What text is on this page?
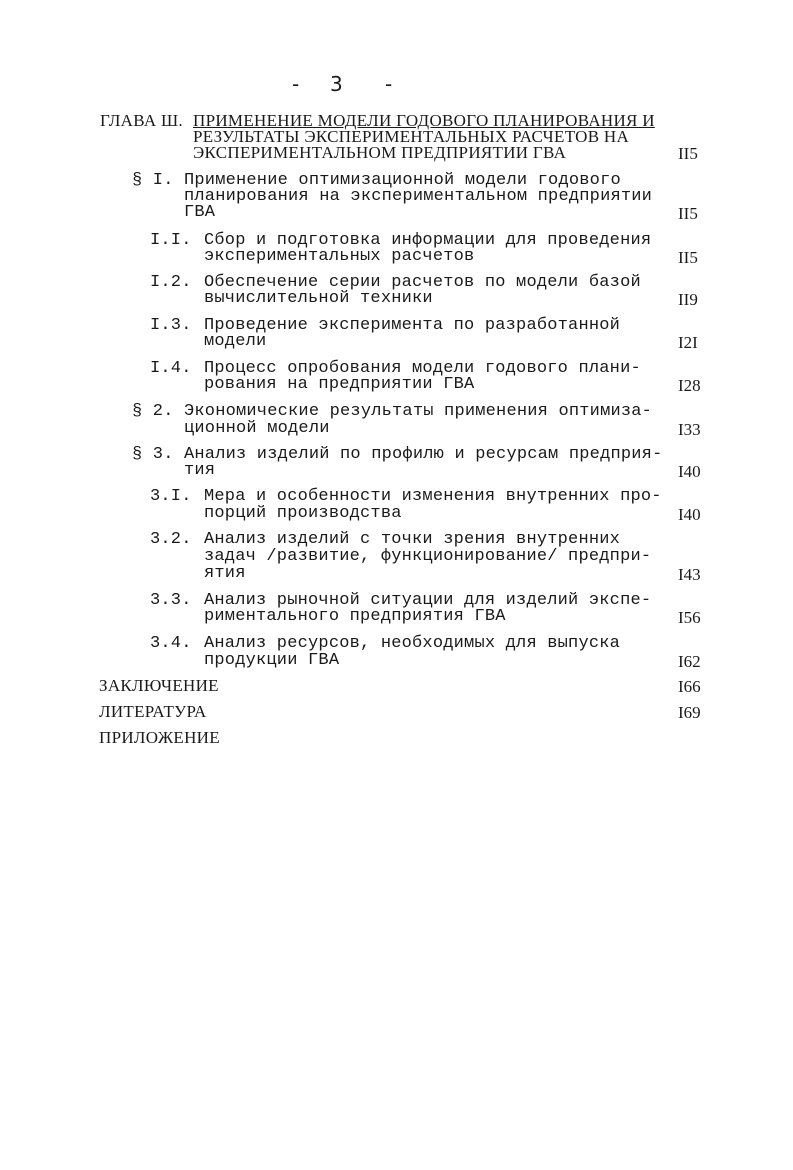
- 3 -
ГЛАВА Ш. ПРИМЕНЕНИЕ МОДЕЛИ ГОДОВОГО ПЛАНИРОВАНИЯ И
РЕЗУЛЬТАТЫ ЭКСПЕРИМЕНТАЛЬНЫХ РАСЧЕТОВ НА
ЭКСПЕРИМЕНТАЛЬНОМ ПРЕДПРИЯТИИ ГВА	II5
§ I. Применение оптимизационной модели годового
планирования на экспериментальном предприятии
ГВА	II5
I.I. Сбор и подготовка информации для проведения
экспериментальных расчетов	II5
I.2. Обеспечение серии расчетов по модели базой
вычислительной техники	II9
I.3. Проведение эксперимента по разработанной
модели	I2I
I.4. Процесс опробования модели годового плани-
рования на предприятии ГВА	I28
§ 2. Экономические результаты применения оптимиза-
ционной модели	I33
§ 3. Анализ изделий по профилю и ресурсам предприя-
тия	I40
3.I. Мера и особенности изменения внутренних про-
порций производства	I40
3.2. Анализ изделий с точки зрения внутренних
задач /развитие, функционирование/ предпри-
ятия	I43
3.3. Анализ рыночной ситуации для изделий экспе-
риментального предприятия ГВА	I56
3.4. Анализ ресурсов, необходимых для выпуска
продукции ГВА	I62
ЗАКЛЮЧЕНИЕ	I66
ЛИТЕРАТУРА	I69
ПРИЛОЖЕНИЕ
